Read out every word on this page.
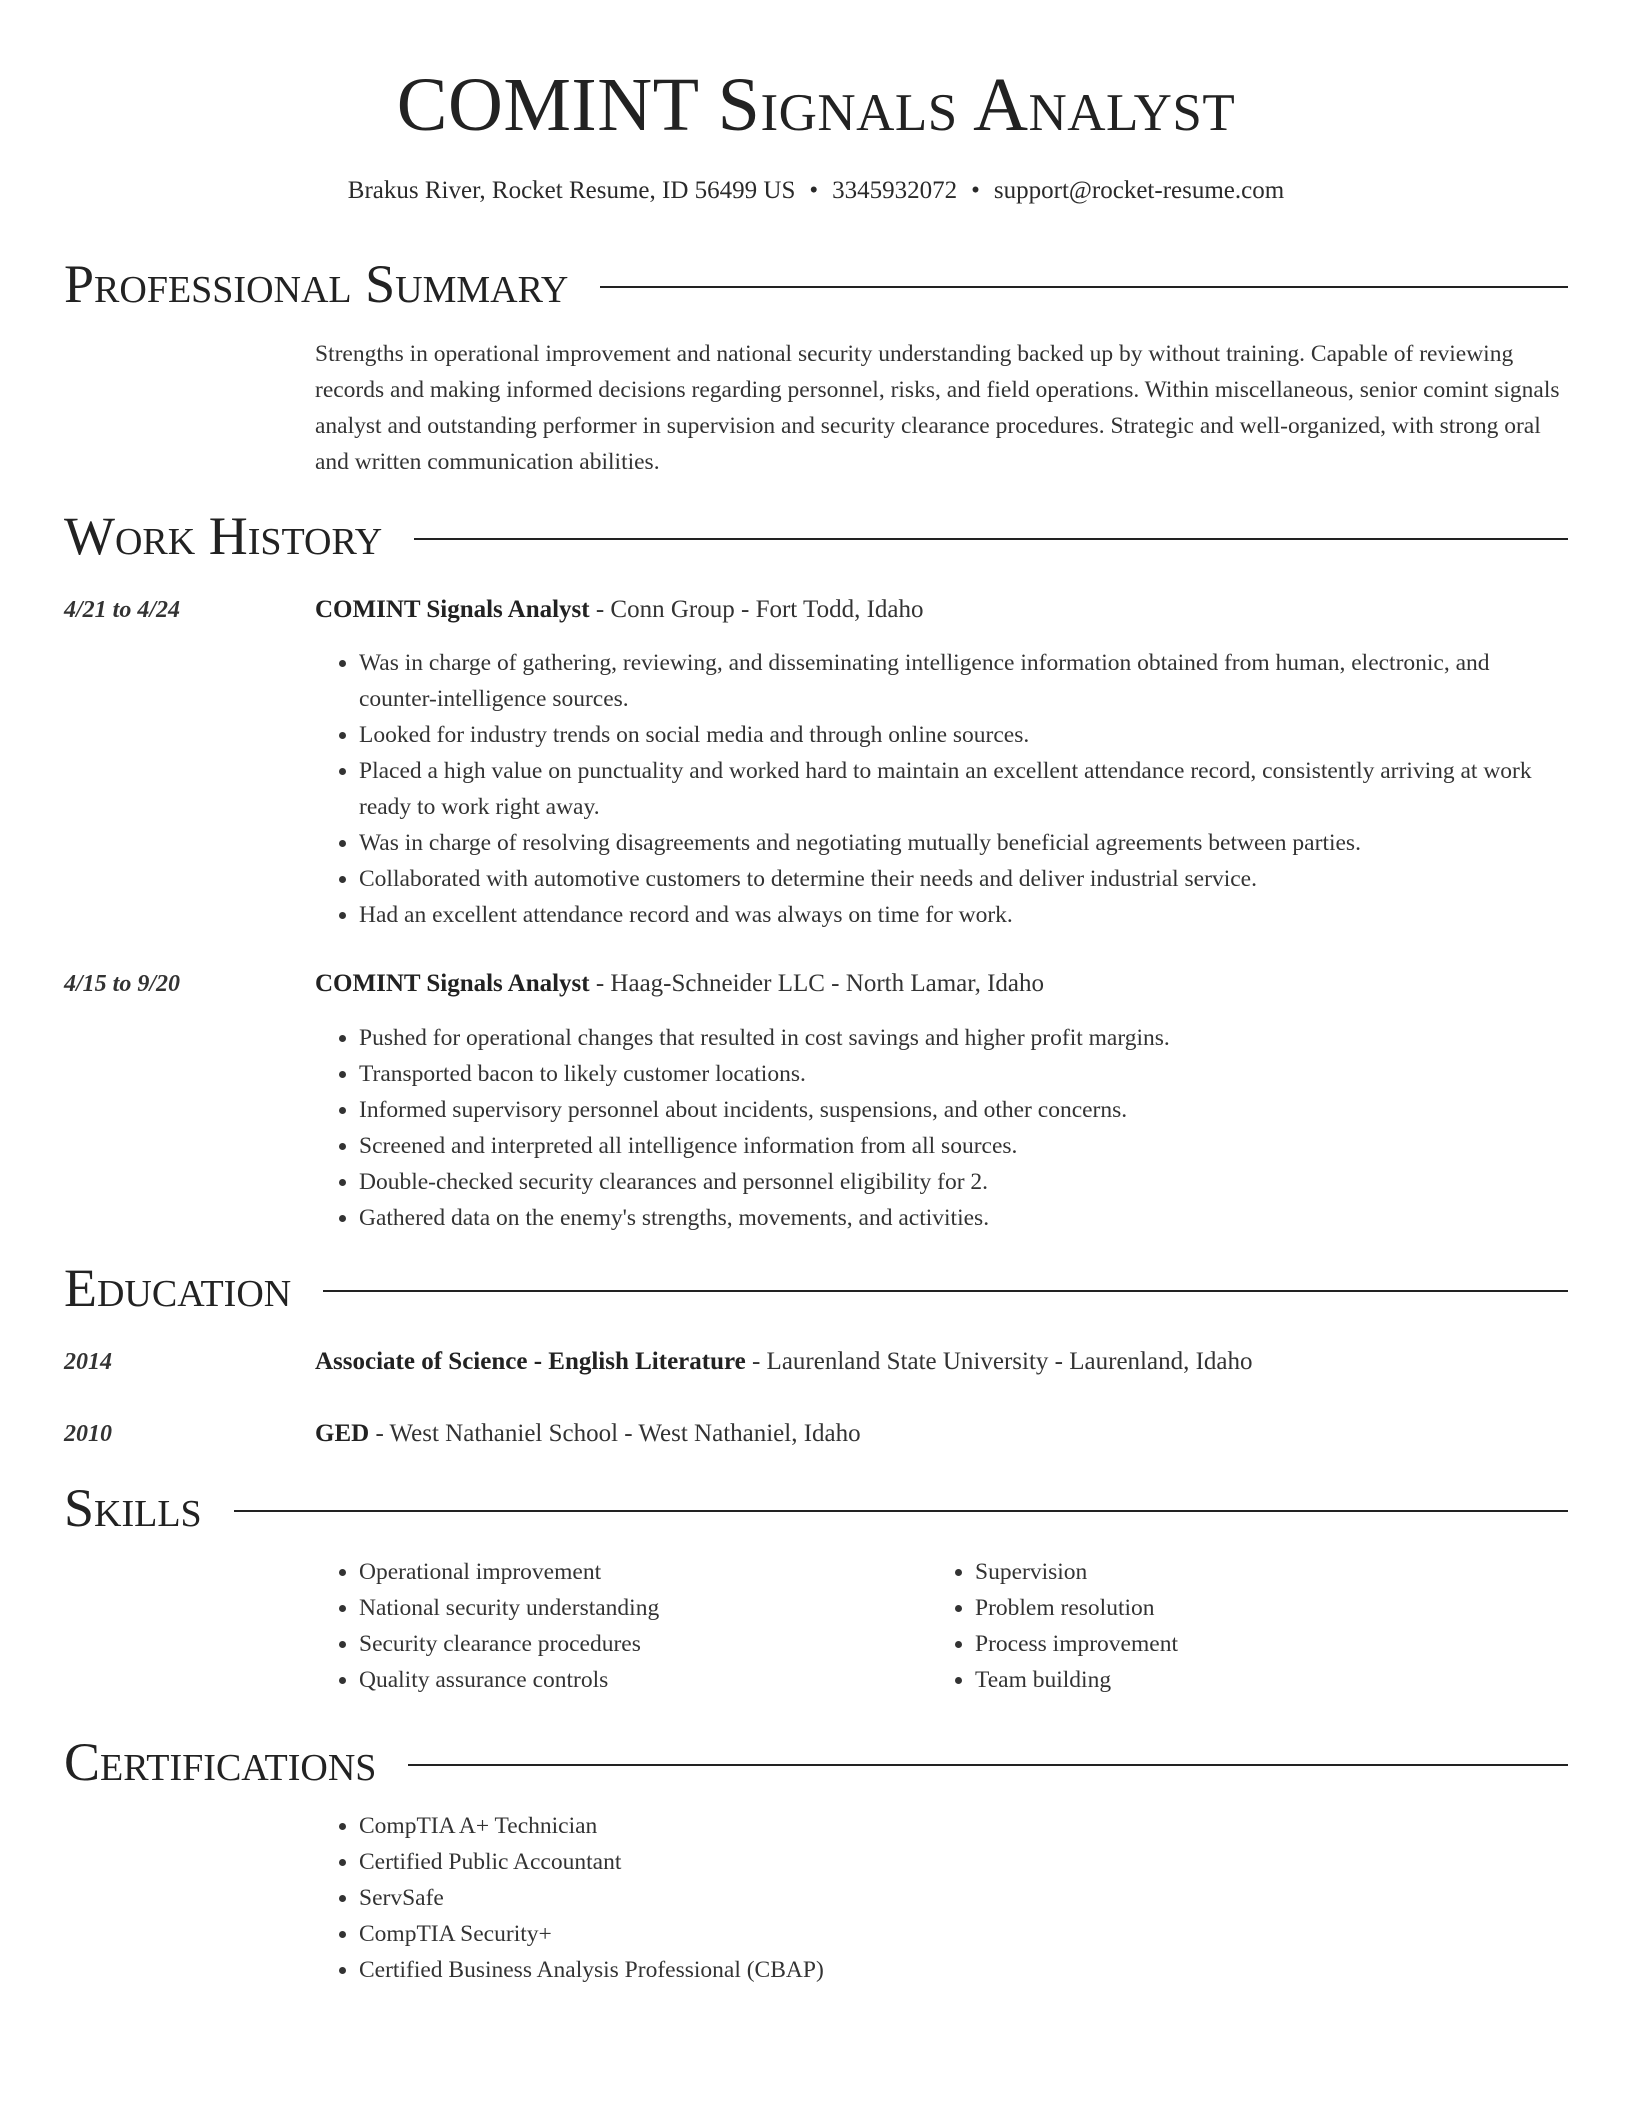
COMINT Signals Analyst
Brakus River, Rocket Resume, ID 56499 US • 3345932072 • support@rocket-resume.com
Professional Summary
Strengths in operational improvement and national security understanding backed up by without training. Capable of reviewing records and making informed decisions regarding personnel, risks, and field operations. Within miscellaneous, senior comint signals analyst and outstanding performer in supervision and security clearance procedures. Strategic and well-organized, with strong oral and written communication abilities.
Work History
4/21 to 4/24	COMINT Signals Analyst - Conn Group - Fort Todd, Idaho
• Was in charge of gathering, reviewing, and disseminating intelligence information obtained from human, electronic, and counter-intelligence sources.
• Looked for industry trends on social media and through online sources.
• Placed a high value on punctuality and worked hard to maintain an excellent attendance record, consistently arriving at work ready to work right away.
• Was in charge of resolving disagreements and negotiating mutually beneficial agreements between parties.
• Collaborated with automotive customers to determine their needs and deliver industrial service.
• Had an excellent attendance record and was always on time for work.
4/15 to 9/20	COMINT Signals Analyst - Haag-Schneider LLC - North Lamar, Idaho
• Pushed for operational changes that resulted in cost savings and higher profit margins.
• Transported bacon to likely customer locations.
• Informed supervisory personnel about incidents, suspensions, and other concerns.
• Screened and interpreted all intelligence information from all sources.
• Double-checked security clearances and personnel eligibility for 2.
• Gathered data on the enemy's strengths, movements, and activities.
Education
2014	Associate of Science - English Literature - Laurenland State University - Laurenland, Idaho
2010	GED - West Nathaniel School - West Nathaniel, Idaho
Skills
• Operational improvement
• National security understanding
• Security clearance procedures
• Quality assurance controls
• Supervision
• Problem resolution
• Process improvement
• Team building
Certifications
• CompTIA A+ Technician
• Certified Public Accountant
• ServSafe
• CompTIA Security+
• Certified Business Analysis Professional (CBAP)
